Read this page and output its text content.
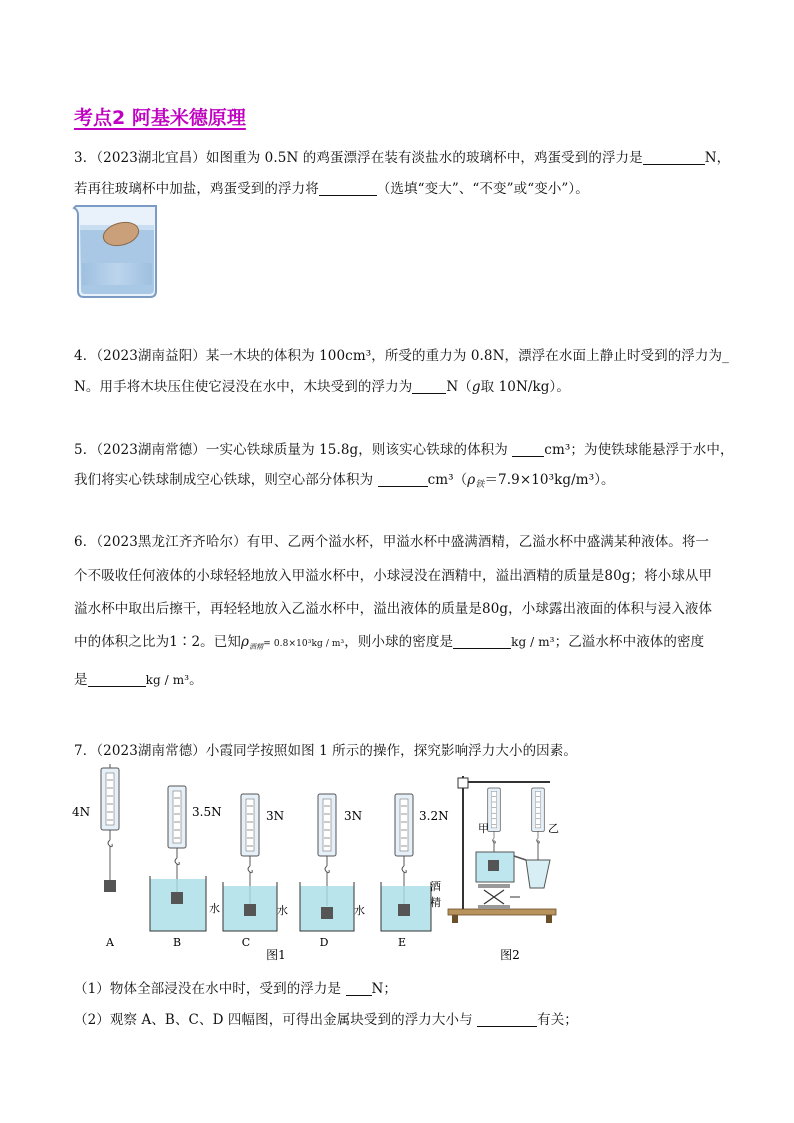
考点2 阿基米德原理
3．（2023湖北宜昌）如图重为 0.5N 的鸡蛋漂浮在装有淡盐水的玻璃杯中，鸡蛋受到的浮力是	N，
若再往玻璃杯中加盐，鸡蛋受到的浮力将	（选填“变大”、“不变”或“变小”）。
4．（2023湖南益阳）某一木块的体积为 100cm³，所受的重力为 0.8N，漂浮在水面上静止时受到的浮力为_
N。用手将木块压住使它浸没在水中，木块受到的浮力为	N（g取 10N/kg）。
5．（2023湖南常德）一实心铁球质量为 15.8g，则该实心铁球的体积为	cm³；为使铁球能悬浮于水中，
我们将实心铁球制成空心铁球，则空心部分体积为	$cm^3(\rho_铁=7.9\times 10^3kg/m^3)$。
6．（2023黑龙江齐齐哈尔）有甲、乙两个溢水杯，甲溢水杯中盛满酒精，乙溢水杯中盛满某种液体。将一
个不吸收任何液体的小球轻轻地放入甲溢水杯中，小球浸没在酒精中，溢出酒精的质量是80g；将小球从甲
溢水杯中取出后擦干，再轻轻地放入乙溢水杯中，溢出液体的质量是80g，小球露出液面的体积与浸入液体
中的体积之比为1∶2。已知$\rho_{酒精}= 0.8\times 10^3kg / m^3$，则小球的密度是	kg / m³；乙溢水杯中液体的密度
是	kg / m³。
7．（2023湖南常德）小霞同学按照如图 1 所示的操作，探究影响浮力大小的因素。
4N
A
3.5N
水
B
3N
水
C
3N
水
D
3.2N
酒
精
E
图1
甲	乙
图2
（1）物体全部浸没在水中时，受到的浮力是 N；
（2）观察 A、B、C、D 四幅图，可得出金属块受到的浮力大小与	有关；
